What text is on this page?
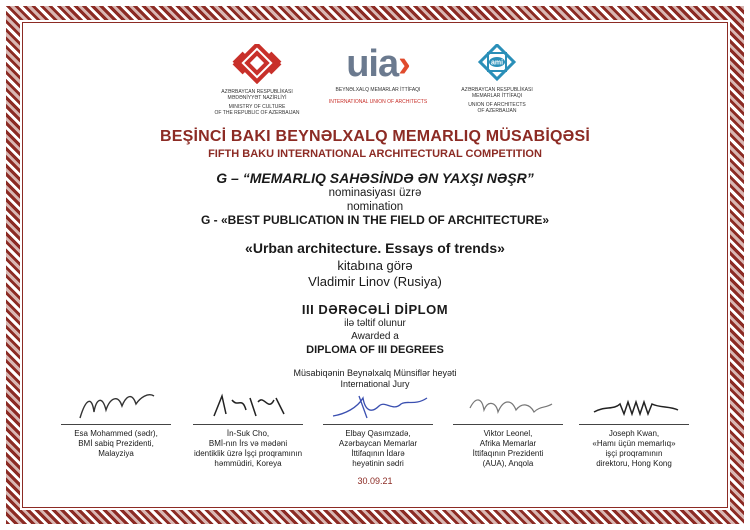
AZƏRBAYCAN RESPUBLİKASI
MƏDƏNİYYƏT NAZİRLİYİ
MINISTRY OF CULTURE
OF THE REPUBLIC OF AZERBAIJAN
uia›
BEYNƏLXALQ MEMARLAR İTTİFAQI
INTERNATIONAL UNION OF ARCHITECTS
ami
AZƏRBAYCAN RESPUBLİKASI
MEMARLAR İTTİFAQI
UNION OF ARCHITECTS
OF AZERBAIJAN
BEŞİNCİ BAKI BEYNƏLXALQ MEMARLIQ MÜSABİQƏSİ
FIFTH BAKU INTERNATIONAL ARCHITECTURAL COMPETITION
G – “MEMARLIQ SAHƏSİNDƏ ƏN YAXŞI NƏŞR”
nominasiyası üzrə
nomination
G - «BEST PUBLICATION IN THE FIELD OF ARCHITECTURE»
«Urban architecture. Essays of trends»
kitabına görə
Vladimir Linov (Rusiya)
III DƏRƏCƏLİ DİPLOM
ilə təltif olunur
Awarded a
DIPLOMA OF III DEGREES
Müsabiqənin Beynəlxalq Münsiflər heyəti
International Jury
Esa Mohammed (sədr),
BMİ sabiq Prezidenti,
Malayziya
İn-Suk Cho,
BMİ-nın İrs və mədəni
identiklik üzrə İşçi proqramının
həmmüdiri, Koreya
Elbay Qasımzadə,
Azərbaycan Memarlar
İttifaqının İdarə
heyətinin sədri
Viktor Leonel,
Afrika Memarlar
İttifaqının Prezidenti
(AUA), Anqola
Joseph Kwan,
«Hamı üçün memarlıq»
işçi proqramının
direktoru, Hong Kong
30.09.21
